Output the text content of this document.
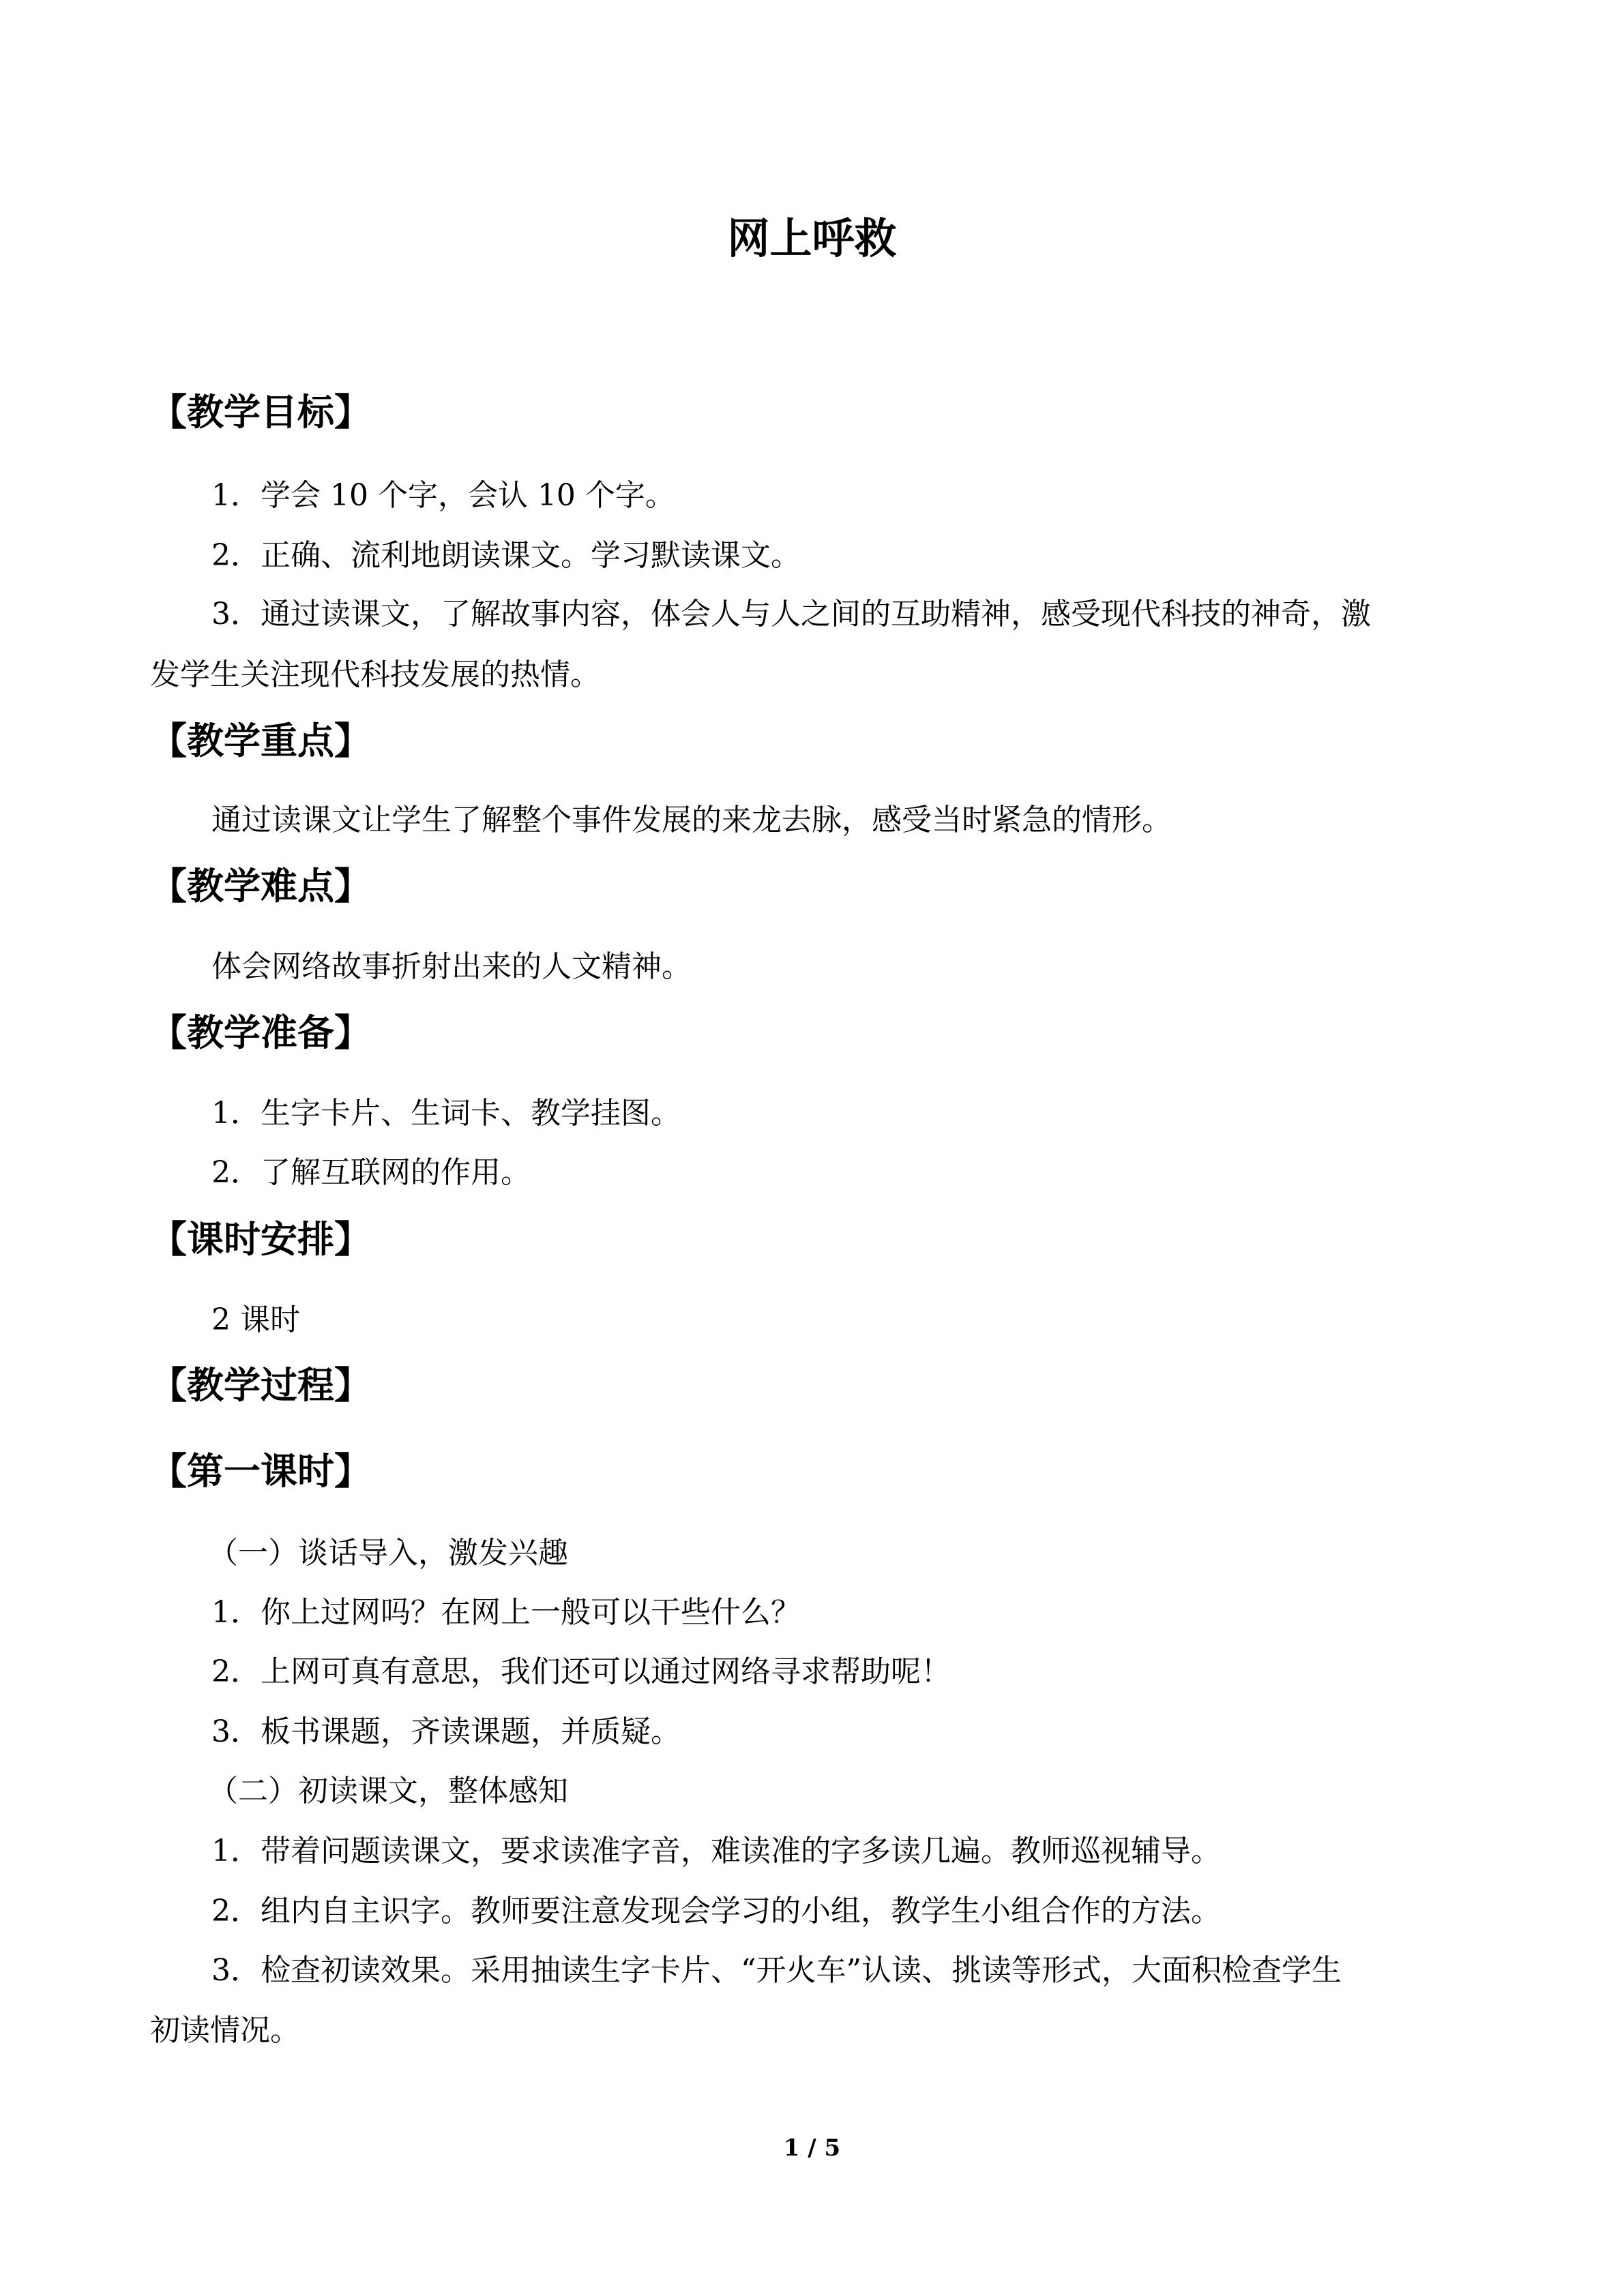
网上呼救
【教学目标】
1．学会 10 个字，会认 10 个字。
2．正确、流利地朗读课文。学习默读课文。
3．通过读课文，了解故事内容，体会人与人之间的互助精神，感受现代科技的神奇，激
发学生关注现代科技发展的热情。
【教学重点】
通过读课文让学生了解整个事件发展的来龙去脉，感受当时紧急的情形。
【教学难点】
体会网络故事折射出来的人文精神。
【教学准备】
1．生字卡片、生词卡、教学挂图。
2．了解互联网的作用。
【课时安排】
2 课时
【教学过程】
【第一课时】
（一）谈话导入，激发兴趣
1．你上过网吗？在网上一般可以干些什么？
2．上网可真有意思，我们还可以通过网络寻求帮助呢！
3．板书课题，齐读课题，并质疑。
（二）初读课文，整体感知
1．带着问题读课文，要求读准字音，难读准的字多读几遍。教师巡视辅导。
2．组内自主识字。教师要注意发现会学习的小组，教学生小组合作的方法。
3．检查初读效果。采用抽读生字卡片、“开火车”认读、挑读等形式，大面积检查学生
初读情况。
1 / 5
